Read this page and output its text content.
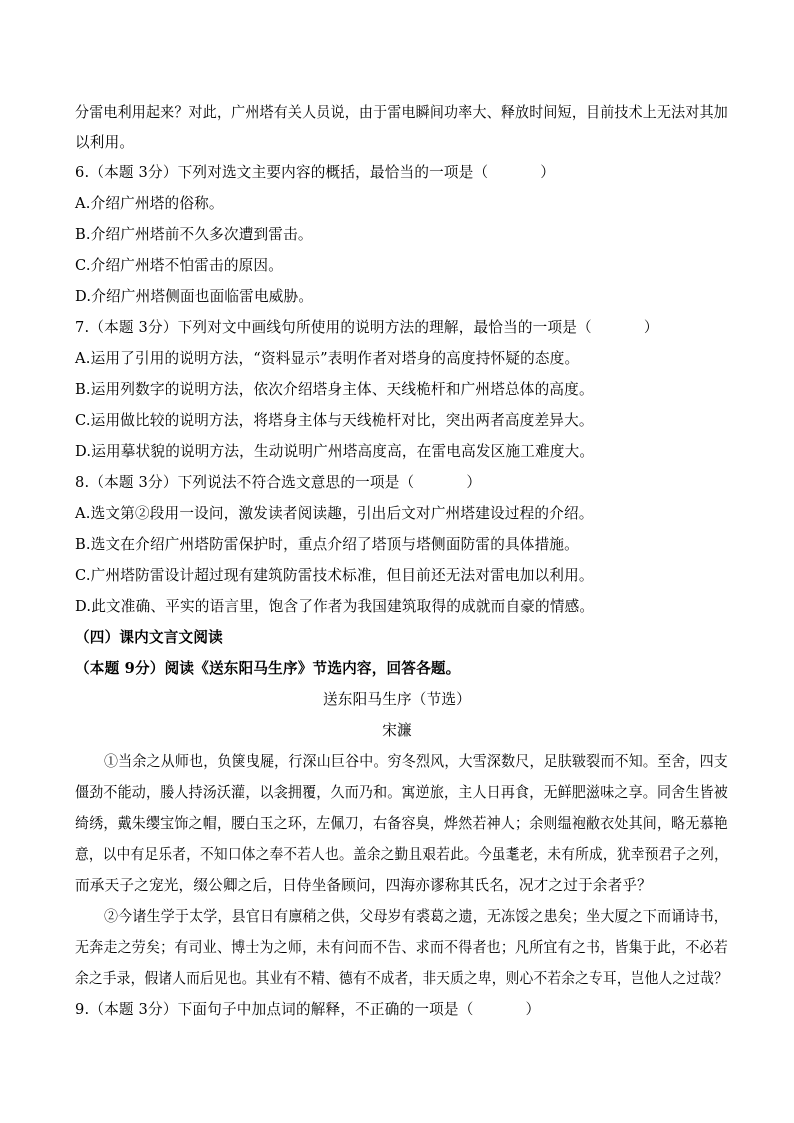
分雷电利用起来？对此，广州塔有关人员说，由于雷电瞬间功率大、释放时间短，目前技术上无法对其加
以利用。
6.（本题 3分）下列对选文主要内容的概括，最恰当的一项是（	）
A.介绍广州塔的俗称。
B.介绍广州塔前不久多次遭到雷击。
C.介绍广州塔不怕雷击的原因。
D.介绍广州塔侧面也面临雷电威胁。
7.（本题 3分）下列对文中画线句所使用的说明方法的理解，最恰当的一项是（	）
A.运用了引用的说明方法，“资料显示”表明作者对塔身的高度持怀疑的态度。
B.运用列数字的说明方法，依次介绍塔身主体、天线桅杆和广州塔总体的高度。
C.运用做比较的说明方法，将塔身主体与天线桅杆对比，突出两者高度差异大。
D.运用摹状貌的说明方法，生动说明广州塔高度高，在雷电高发区施工难度大。
8.（本题 3分）下列说法不符合选文意思的一项是（	）
A.选文第②段用一设问，激发读者阅读趣，引出后文对广州塔建设过程的介绍。
B.选文在介绍广州塔防雷保护时，重点介绍了塔顶与塔侧面防雷的具体措施。
C.广州塔防雷设计超过现有建筑防雷技术标准，但目前还无法对雷电加以利用。
D.此文准确、平实的语言里，饱含了作者为我国建筑取得的成就而自豪的情感。
（四）课内文言文阅读
（本题 9分）阅读《送东阳马生序》节选内容，回答各题。
送东阳马生序（节选）
宋濂
①当余之从师也，负箧曳屣，行深山巨谷中。穷冬烈风，大雪深数尺，足肤皲裂而不知。至舍，四支
僵劲不能动，媵人持汤沃灌，以衾拥覆，久而乃和。寓逆旅，主人日再食，无鲜肥滋味之享。同舍生皆被
绮绣，戴朱缨宝饰之帽，腰白玉之环，左佩刀，右备容臭，烨然若神人；余则缊袍敝衣处其间，略无慕艳
意，以中有足乐者，不知口体之奉不若人也。盖余之勤且艰若此。今虽耄老，未有所成，犹幸预君子之列，
而承天子之宠光，缀公卿之后，日侍坐备顾问，四海亦谬称其氏名，况才之过于余者乎？
②今诸生学于太学，县官日有廪稍之供，父母岁有裘葛之遗，无冻馁之患矣；坐大厦之下而诵诗书，
无奔走之劳矣；有司业、博士为之师，未有问而不告、求而不得者也；凡所宜有之书，皆集于此，不必若
余之手录，假诸人而后见也。其业有不精、德有不成者，非天质之卑，则心不若余之专耳，岂他人之过哉？
9.（本题 3分）下面句子中加点词的解释，不正确的一项是（	）
